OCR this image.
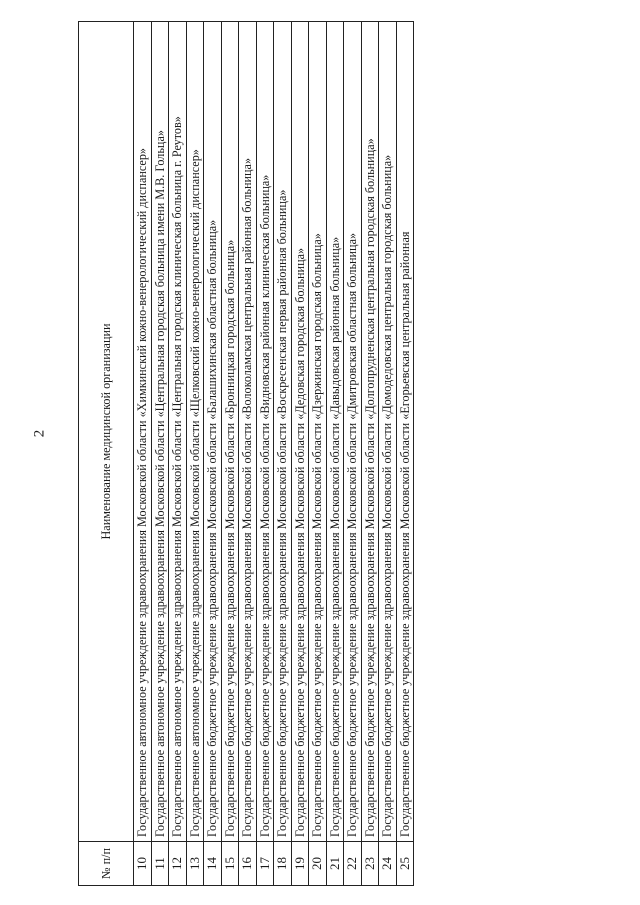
2
№ п/п	Наименование медицинской организации
10	Государственное автономное учреждение здравоохранения Московской области «Химкинский кожно-венерологический диспансер»
11	Государственное автономное учреждение здравоохранения Московской области «Центральная городская больница имени М.В. Гольца»
12	Государственное автономное учреждение здравоохранения Московской области «Центральная городская клиническая больница г. Реутов»
13	Государственное автономное учреждение здравоохранения Московской области «Щелковский кожно-венерологический диспансер»
14	Государственное бюджетное учреждение здравоохранения Московской области «Балашихинская областная больница»
15	Государственное бюджетное учреждение здравоохранения Московской области «Бронницкая городская больница»
16	Государственное бюджетное учреждение здравоохранения Московской области «Волоколамская центральная районная больница»
17	Государственное бюджетное учреждение здравоохранения Московской области «Видновская районная клиническая больница»
18	Государственное бюджетное учреждение здравоохранения Московской области «Воскресенская первая районная больница»
19	Государственное бюджетное учреждение здравоохранения Московской области «Дедовская городская больница»
20	Государственное бюджетное учреждение здравоохранения Московской области «Дзержинская городская больница»
21	Государственное бюджетное учреждение здравоохранения Московской области «Давыдовская районная больница»
22	Государственное бюджетное учреждение здравоохранения Московской области «Дмитровская областная больница»
23	Государственное бюджетное учреждение здравоохранения Московской области «Долгопрудненская центральная городская больница»
24	Государственное бюджетное учреждение здравоохранения Московской области «Домодедовская центральная городская больница»
25	Государственное бюджетное учреждение здравоохранения Московской области «Егорьевская центральная районная
